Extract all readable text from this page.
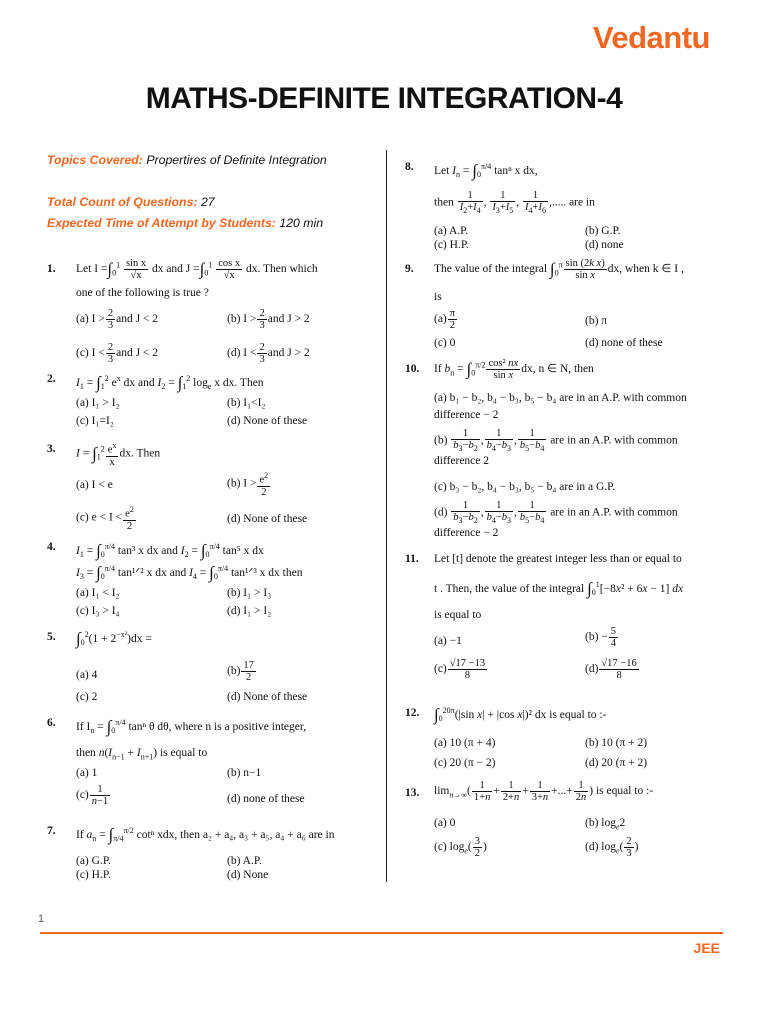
Vedantu
MATHS-DEFINITE INTEGRATION-4
Topics Covered: Propertires of Definite Integration
Total Count of Questions: 27
Expected Time of Attempt by Students: 120 min
1. Let $I =\int_0^1 \frac{\text{sin x}}{√x}$ dx and $J =\int_0^1 \frac{\text{cos x}}{√x}$ dx. Then which
one of the following is true ?
(a) $I > \frac{2}{3}$ and J < 2	(b) $I > \frac{2}{3}$ and J > 2
(c) $I < \frac{2}{3}$ and J < 2	(d) $I < \frac{2}{3}$ and J > 2
2. $I_1 = \int_1^2$ $e^x$ dx and $I_2 = \int_1^2$ $\log_e x$ dx. Then
(a) I₁ > I₂	(b) I₁<I₂
(c) I₁=I₂	(d) None of these
3. $I = \int_1^2 \frac{e^x}{x}$ dx. Then
(a) I < e	(b) $I > \frac{e^2}{2}$
(c) $e < I < \frac{e^2}{2}$	(d) None of these
4. $I_1 = \int_0^{\pi/4}$ tan³ x dx and $I_2 = \int_0^{\pi/4}$ tan⁵ x dx
$I_3 = \int_0^{\pi/4}$ tan¹ᐟ² x dx and $I_4 = \int_0^{\pi/4}$ tan¹ᐟ³ x dx then
(a) I₁ < I₂	(b) I₁ > I₃
(c) I₃ > I₄	(d) I₁ > I₂
5. $\int_0^2(1 + 2^{-x^2})dx$ =
(a) 4	$(b) \frac{17}{2}$
(c) 2	(d) None of these
6. If $I_n = \int_0^{\pi/4}$ tanⁿ θ dθ, where n is a positive integer,
then $n(I_{n-1} + I_{n+1})$ is equal to
(a) 1	(b) n−1
$(c) \frac{1}{n-1}$	(d) none of these
7. If $a_n = \int_{\pi/4}^{\pi/2}$ cotⁿ xdx, then a₂ + a₄, a₃ + a₅, a₄ + a₆ are in
(a) G.P.	(b) A.P.
(c) H.P.	(d) None
8. Let $I_n = \int_0^{\pi/4}$ tanⁿ x dx,
then $\frac{1}{I_2+I_4}$ , $\frac{1}{I_3+I_5}$ , $\frac{1}{I_4+I_6}$ ,..... are in
(a) A.P.	(b) G.P.
(c) H.P.	(d) none
9. The value of the integral $\int_0^\pi \frac{\text{sin (2k x)}}{\text{sin x}}$ dx, when k ∈ I ,
is
$(a) \frac{\pi}{2}$	(b) π
(c) 0	(d) none of these
10. If $b_n = \int_0^{\pi/2} \frac{\text{cos² nx}}{\text{sin x}}$ dx, n ∈ N, then
(a) b₁ − b₂, b₄ − b₃, b₅ − b₄ are in an A.P. with common difference − 2
$(b) \frac{1}{b_3-b_2}$ , $\frac{1}{b_4-b_3}$ , $\frac{1}{b_5-b_4}$ are in an A.P. with common difference 2
(c) b₃ − b₂, b₄ − b₃, b₅ − b₄ are in a G.P.
$(d) \frac{1}{b_3-b_2}$ , $\frac{1}{b_4-b_3}$ , $\frac{1}{b_5-b_4}$ are in an A.P. with common difference − 2
11. Let [t] denote the greatest integer less than or equal to
t . Then, the value of the integral $\int_0^1[-8x^2 + 6x - 1]$ dx
is equal to
(a) −1	$(b) - \frac{5}{4}$
$(c) \frac{√17 -13}{8}$	$(d) \frac{√17 -16}{8}$
12. $\int_0^{20\pi}(|\sin$ x| + |cos x|)² dx is equal to :-
(a) 10 (π + 4)	(b) 10 (π + 2)
(c) 20 (π − 2)	(d) 20 (π + 2)
13. $\lim_{n\to\infty}( \frac{1}{1+n} + \frac{1}{2+n} + \frac{1}{3+n}$ +...+ $\frac{1}{2n}$ ) is equal to :-
(a) 0	(b) $\log_e2$
(c) $\log_e( \frac{3}{2}$ )	(d) $\log_e( \frac{2}{3}$ )
1
JEE
